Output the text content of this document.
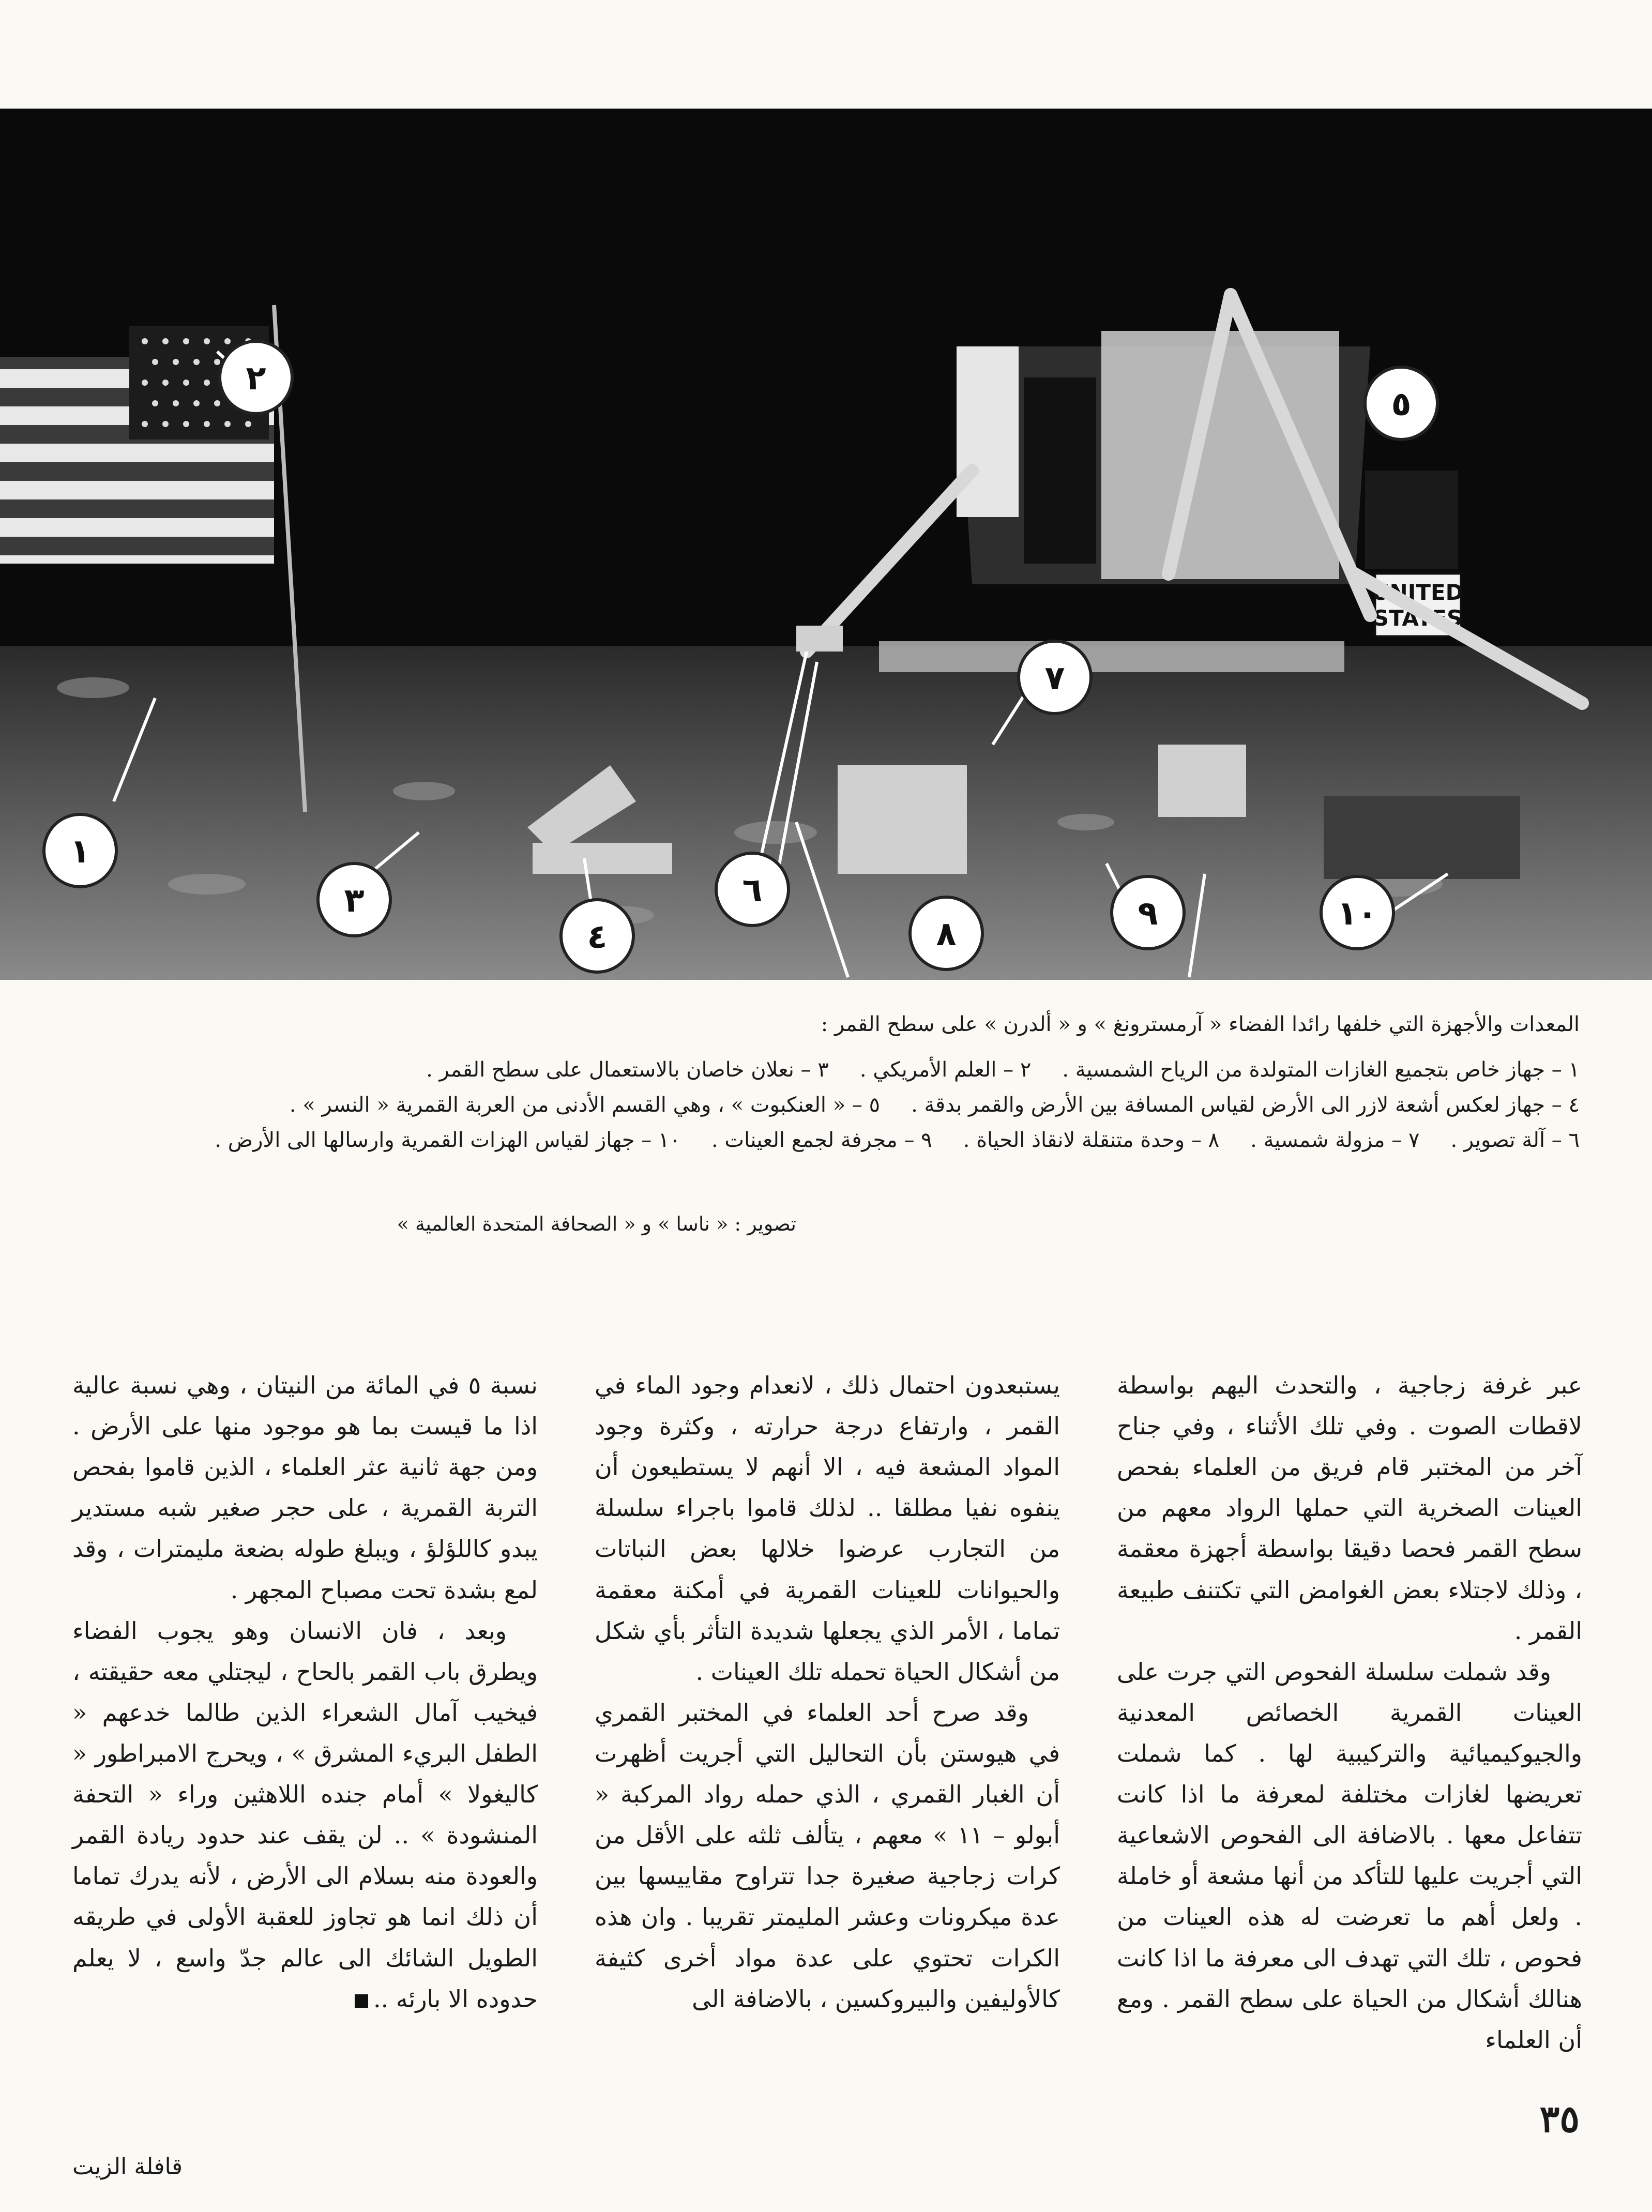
UNITED
STATES
١
٢
٣
٤
٥
٦
٧
٨
٩	١٠

المعدات والأجهزة التي خلفها رائدا الفضاء « آرمسترونغ » و « ألدرن » على سطح القمر :

١ – جهاز خاص بتجميع الغازات المتولدة من الرياح الشمسية .
٢ – العلم الأمريكي .
٣ – نعلان خاصان بالاستعمال على سطح القمر .
٤ – جهاز لعكس أشعة لازر الى الأرض لقياس المسافة بين الأرض والقمر بدقة .
٥ – « العنكبوت » ، وهي القسم الأدنى من العربة القمرية « النسر » .
٦ – آلة تصوير .
٧ – مزولة شمسية .
٨ – وحدة متنقلة لانقاذ الحياة .
٩ – مجرفة لجمع العينات .
١٠ – جهاز لقياس الهزات القمرية وارسالها الى الأرض .
تصوير : « ناسا » و « الصحافة المتحدة العالمية »

عبر غرفة زجاجية ، والتحدث اليهم بواسطة لاقطات الصوت . وفي تلك الأثناء ، وفي جناح آخر من المختبر قام فريق من العلماء بفحص العينات الصخرية التي حملها الرواد معهم من سطح القمر فحصا دقيقا بواسطة أجهزة معقمة ، وذلك لاجتلاء بعض الغوامض التي تكتنف طبيعة القمر .

وقد شملت سلسلة الفحوص التي جرت على العينات القمرية الخصائص المعدنية والجيوكيميائية والتركيبية لها . كما شملت تعريضها لغازات مختلفة لمعرفة ما اذا كانت تتفاعل معها . بالاضافة الى الفحوص الاشعاعية التي أجريت عليها للتأكد من أنها مشعة أو خاملة . ولعل أهم ما تعرضت له هذه العينات من فحوص ، تلك التي تهدف الى معرفة ما اذا كانت هنالك أشكال من الحياة على سطح القمر . ومع أن العلماء

يستبعدون احتمال ذلك ، لانعدام وجود الماء في القمر ، وارتفاع درجة حرارته ، وكثرة وجود المواد المشعة فيه ، الا أنهم لا يستطيعون أن ينفوه نفيا مطلقا .. لذلك قاموا باجراء سلسلة من التجارب عرضوا خلالها بعض النباتات والحيوانات للعينات القمرية في أمكنة معقمة تماما ، الأمر الذي يجعلها شديدة التأثر بأي شكل من أشكال الحياة تحمله تلك العينات .

وقد صرح أحد العلماء في المختبر القمري في هيوستن بأن التحاليل التي أجريت أظهرت أن الغبار القمري ، الذي حمله رواد المركبة « أبولو – ١١ » معهم ، يتألف ثلثه على الأقل من كرات زجاجية صغيرة جدا تتراوح مقاييسها بين عدة ميكرونات وعشر المليمتر تقريبا . وان هذه الكرات تحتوي على عدة مواد أخرى كثيفة كالأوليفين والبيروكسين ، بالاضافة الى

نسبة ٥ في المائة من النيتان ، وهي نسبة عالية اذا ما قيست بما هو موجود منها على الأرض . ومن جهة ثانية عثر العلماء ، الذين قاموا بفحص التربة القمرية ، على حجر صغير شبه مستدير يبدو كاللؤلؤ ، ويبلغ طوله بضعة مليمترات ، وقد لمع بشدة تحت مصباح المجهر .

وبعد ، فان الانسان وهو يجوب الفضاء ويطرق باب القمر بالحاح ، ليجتلي معه حقيقته ، فيخيب آمال الشعراء الذين طالما خدعهم « الطفل البريء المشرق » ، ويحرج الامبراطور « كاليغولا » أمام جنده اللاهثين وراء « التحفة المنشودة » .. لن يقف عند حدود ريادة القمر والعودة منه بسلام الى الأرض ، لأنه يدرك تماما أن ذلك انما هو تجاوز للعقبة الأولى في طريقه الطويل الشائك الى عالم جدّ واسع ، لا يعلم حدوده الا بارئه ..

٣٥
قافلة الزيت
